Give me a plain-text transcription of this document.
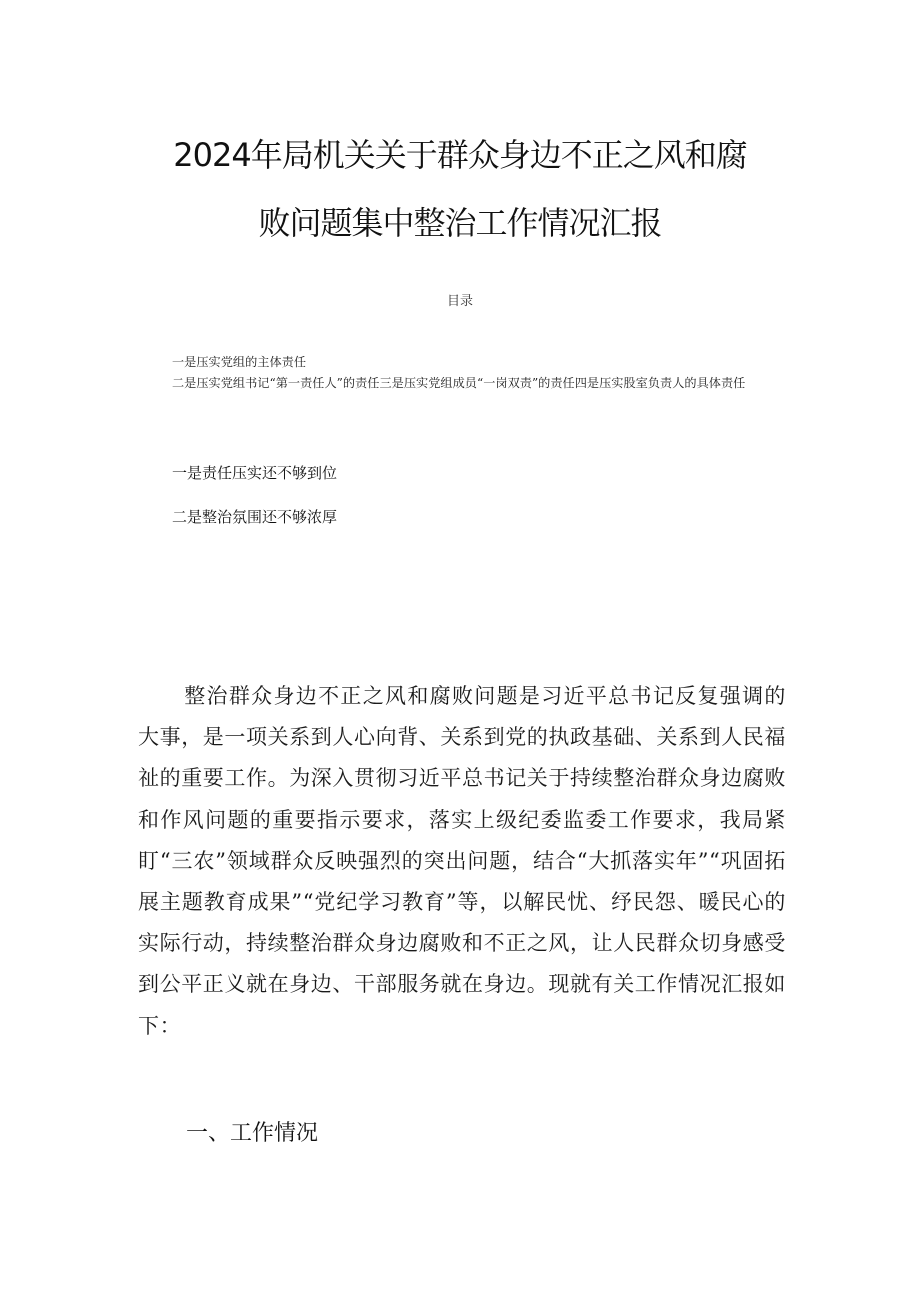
2024年局机关关于群众身边不正之风和腐
败问题集中整治工作情况汇报
目录
一是压实党组的主体责任
二是压实党组书记“第一责任人”的责任三是压实党组成员“一岗双责”的责任四是压实股室负责人的具体责任
一是责任压实还不够到位
二是整治氛围还不够浓厚
整治群众身边不正之风和腐败问题是习近平总书记反复强调的大事，是一项关系到人心向背、关系到党的执政基础、关系到人民福祉的重要工作。为深入贯彻习近平总书记关于持续整治群众身边腐败和作风问题的重要指示要求，落实上级纪委监委工作要求，我局紧盯“三农”领域群众反映强烈的突出问题，结合“大抓落实年”“巩固拓展主题教育成果”“党纪学习教育”等，以解民忧、纾民怨、暖民心的实际行动，持续整治群众身边腐败和不正之风，让人民群众切身感受到公平正义就在身边、干部服务就在身边。现就有关工作情况汇报如下：
一、工作情况
